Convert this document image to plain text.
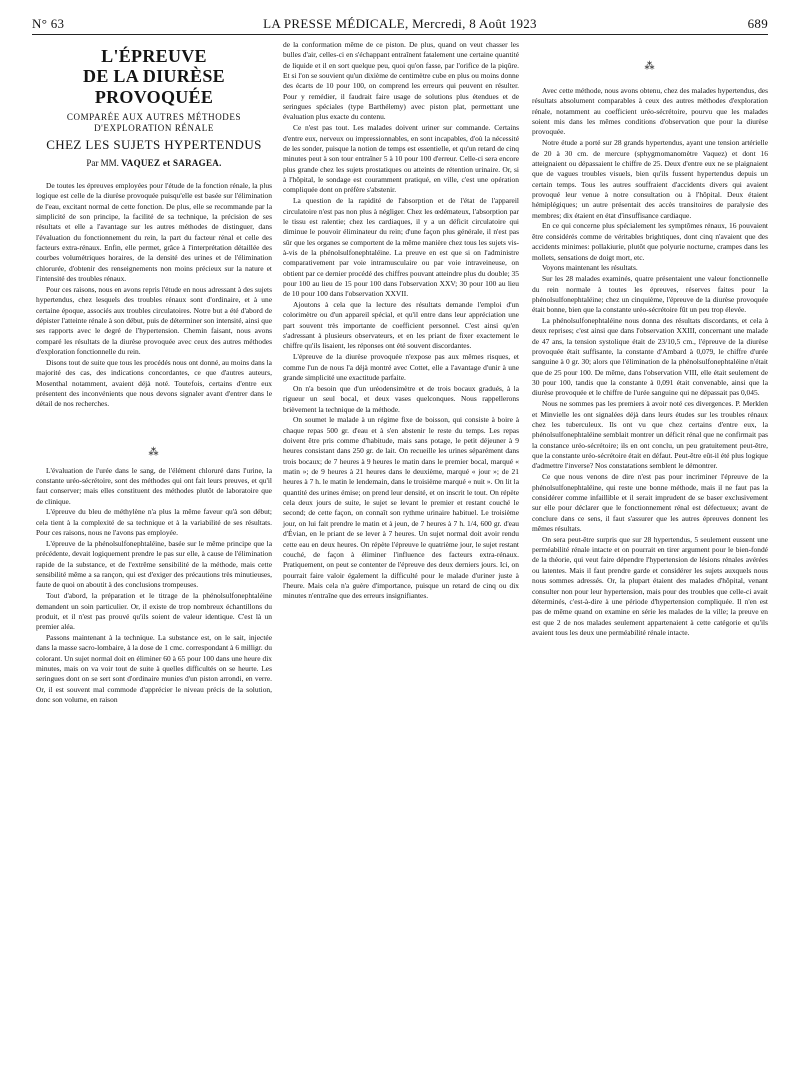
N° 63	LA PRESSE MÉDICALE, Mercredi, 8 Août 1923	689
L'ÉPREUVE
DE LA DIURÈSE PROVOQUÉE
COMPARÉE AUX AUTRES MÉTHODES D'EXPLORATION RÉNALE
CHEZ LES SUJETS HYPERTENDUS
Par MM. VAQUEZ et SARAGEA.

De toutes les épreuves employées pour l'étude de la fonction rénale, la plus logique est celle de la diurèse provoquée puisqu'elle est basée sur l'élimination de l'eau, excitant normal de cette fonction. De plus, elle se recommande par la simplicité de son principe, la facilité de sa technique, la précision de ses résultats et elle a l'avantage sur les autres méthodes de distinguer, dans l'évaluation du fonctionnement du rein, la part du facteur rénal et celle des facteurs extra-rénaux. Enfin, elle permet, grâce à l'interprétation détaillée des courbes volumétriques horaires, de la densité des urines et de l'élimination chlorurée, d'obtenir des renseignements non moins précieux sur la nature et l'intensité des troubles rénaux.

Pour ces raisons, nous en avons repris l'étude en nous adressant à des sujets hypertendus, chez lesquels des troubles rénaux sont d'ordinaire, et à une certaine époque, associés aux troubles circulatoires. Notre but a été d'abord de dépister l'atteinte rénale à son début, puis de déterminer son intensité, ainsi que ses rapports avec le degré de l'hypertension. Chemin faisant, nous avons comparé les résultats de la diurèse provoquée avec ceux des autres méthodes d'exploration fonctionnelle du rein.

Disons tout de suite que tous les procédés nous ont donné, au moins dans la majorité des cas, des indications concordantes, ce que d'autres auteurs, Mosenthal notamment, avaient déjà noté. Toutefois, certains d'entre eux présentent des inconvénients que nous devons signaler avant d'entrer dans le détail de nos recherches.

⁂

L'évaluation de l'urée dans le sang, de l'élément chloruré dans l'urine, la constante uréo-sécrétoire, sont des méthodes qui ont fait leurs preuves, et qu'il faut conserver; mais elles constituent des méthodes plutôt de laboratoire que de clinique.

L'épreuve du bleu de méthylène n'a plus la même faveur qu'à son début; cela tient à la complexité de sa technique et à la variabilité de ses résultats. Pour ces raisons, nous ne l'avons pas employée.

L'épreuve de la phénolsulfonephtaléine, basée sur le même principe que la précédente, devait logiquement prendre le pas sur elle, à cause de l'élimination rapide de la substance, et de l'extrême sensibilité de la méthode, mais cette sensibilité même a sa rançon, qui est d'exiger des précautions très minutieuses, faute de quoi on aboutit à des conclusions trompeuses.

Tout d'abord, la préparation et le titrage de la phénolsulfonephtaléine demandent un soin particulier. Or, il existe de trop nombreux échantillons du produit, et il n'est pas prouvé qu'ils soient de valeur identique. C'est là un premier aléa.

Passons maintenant à la technique. La substance est, on le sait, injectée dans la masse sacro-lombaire, à la dose de 1 cmc. correspondant à 6 milligr. du colorant. Un sujet normal doit en éliminer 60 à 65 pour 100 dans une heure dix minutes, mais on va voir tout de suite à quelles difficultés on se heurte. Les seringues dont on se sert sont d'ordinaire munies d'un piston arrondi, en verre. Or, il est souvent mal commode d'apprécier le niveau précis de la solution, donc son volume, en raison

de la conformation même de ce piston. De plus, quand on veut chasser les bulles d'air, celles-ci en s'échappant entraînent fatalement une certaine quantité de liquide et il en sort quelque peu, quoi qu'on fasse, par l'orifice de la piqûre. Et si l'on se souvient qu'un dixième de centimètre cube en plus ou moins donne des écarts de 10 pour 100, on comprend les erreurs qui peuvent en résulter. Pour y remédier, il faudrait faire usage de solutions plus étendues et de seringues spéciales (type Barthélemy) avec piston plat, permettant une évaluation plus exacte du contenu.

Ce n'est pas tout. Les malades doivent uriner sur commande. Certains d'entre eux, nerveux ou impressionnables, en sont incapables, d'où la nécessité de les sonder, puisque la notion de temps est essentielle, et qu'un retard de cinq minutes peut à son tour entraîner 5 à 10 pour 100 d'erreur. Celle-ci sera encore plus grande chez les sujets prostatiques ou atteints de rétention urinaire. Or, si à l'hôpital, le sondage est couramment pratiqué, en ville, c'est une opération compliquée dont on préfère s'abstenir.

La question de la rapidité de l'absorption et de l'état de l'appareil circulatoire n'est pas non plus à négliger. Chez les œdémateux, l'absorption par le tissu est ralentie; chez les cardiaques, il y a un déficit circulatoire qui diminue le pouvoir éliminateur du rein; d'une façon plus générale, il n'est pas sûr que les organes se comportent de la même manière chez tous les sujets vis-à-vis de la phénolsulfonephtaléine. La preuve en est que si on l'administre comparativement par voie intramusculaire ou par voie intraveineuse, on obtient par ce dernier procédé des chiffres pouvant atteindre plus du double; 35 pour 100 au lieu de 15 pour 100 dans l'observation XXV; 30 pour 100 au lieu de 10 pour 100 dans l'observation XXVII.

Ajoutons à cela que la lecture des résultats demande l'emploi d'un colorimètre ou d'un appareil spécial, et qu'il entre dans leur appréciation une part souvent très importante de coefficient personnel. C'est ainsi qu'en s'adressant à plusieurs observateurs, et en les priant de fixer exactement le chiffre qu'ils lisaient, les réponses ont été souvent discordantes.

L'épreuve de la diurèse provoquée n'expose pas aux mêmes risques, et comme l'un de nous l'a déjà montré avec Cottet, elle a l'avantage d'unir à une grande simplicité une exactitude parfaite.

On n'a besoin que d'un uréodensimètre et de trois bocaux gradués, à la rigueur un seul bocal, et deux vases quelconques. Nous rappellerons brièvement la technique de la méthode.

On soumet le malade à un régime fixe de boisson, qui consiste à boire à chaque repas 500 gr. d'eau et à s'en abstenir le reste du temps. Les repas doivent être pris comme d'habitude, mais sans potage, le petit déjeuner à 9 heures consistant dans 250 gr. de lait. On recueille les urines séparément dans trois bocaux; de 7 heures à 9 heures le matin dans le premier bocal, marqué « matin »; de 9 heures à 21 heures dans le deuxième, marqué « jour »; de 21 heures à 7 h. le matin le lendemain, dans le troisième marqué « nuit ». On lit la quantité des urines émise; on prend leur densité, et on inscrit le tout. On répète cela deux jours de suite, le sujet se levant le premier et restant couché le second; de cette façon, on connaît son rythme urinaire habituel. Le troisième jour, on lui fait prendre le matin et à jeun, de 7 heures à 7 h. 1/4, 600 gr. d'eau d'Évian, en le priant de se lever à 7 heures. Un sujet normal doit avoir rendu cette eau en deux heures. On répète l'épreuve le quatrième jour, le sujet restant couché, de façon à éliminer l'influence des facteurs extra-rénaux. Pratiquement, on peut se contenter de l'épreuve des deux derniers jours. Ici, on pourrait faire valoir également la difficulté pour le malade d'uriner juste à l'heure. Mais cela n'a guère d'importance, puisque un retard de cinq ou dix minutes n'entraîne que des erreurs insignifiantes.

⁂

Avec cette méthode, nous avons obtenu, chez des malades hypertendus, des résultats absolument comparables à ceux des autres méthodes d'exploration rénale, notamment au coefficient uréo-sécrétoire, pourvu que les malades soient mis dans les mêmes conditions d'observation que pour la diurèse provoquée.

Notre étude a porté sur 28 grands hypertendus, ayant une tension artérielle de 20 à 30 cm. de mercure (sphygmomanomètre Vaquez) et dont 16 atteignaient ou dépassaient le chiffre de 25. Deux d'entre eux ne se plaignaient que de vagues troubles visuels, bien qu'ils fussent hypertendus depuis un certain temps. Tous les autres souffraient d'accidents divers qui avaient provoqué leur venue à notre consultation ou à l'hôpital. Deux étaient hémiplégiques; un autre présentait des accès transitoires de paralysie des membres; dix étaient en état d'insuffisance cardiaque.

En ce qui concerne plus spécialement les symptômes rénaux, 16 pouvaient être considérés comme de véritables brightiques, dont cinq n'avaient que des accidents minimes: pollakiurie, plutôt que polyurie nocturne, crampes dans les mollets, sensations de doigt mort, etc.

Voyons maintenant les résultats.

Sur les 28 malades examinés, quatre présentaient une valeur fonctionnelle du rein normale à toutes les épreuves, réserves faites pour la phénolsulfonephtaléine; chez un cinquième, l'épreuve de la diurèse provoquée était bonne, bien que la constante uréo-sécrétoire fût un peu trop élevée.

La phénolsulfonephtaléine nous donna des résultats discordants, et cela à deux reprises; c'est ainsi que dans l'observation XXIII, concernant une malade de 47 ans, la tension systolique était de 23/10,5 cm., l'épreuve de la diurèse provoquée était suffisante, la constante d'Ambard à 0,079, le chiffre d'urée sanguine à 0 gr. 30; alors que l'élimination de la phénolsulfonephtaléine n'était que de 25 pour 100. De même, dans l'observation VIII, elle était seulement de 30 pour 100, tandis que la constante à 0,091 était convenable, ainsi que la diurèse provoquée et le chiffre de l'urée sanguine qui ne dépassait pas 0,045.

Nous ne sommes pas les premiers à avoir noté ces divergences. P. Merklen et Minvielle les ont signalées déjà dans leurs études sur les troubles rénaux chez les tuberculeux. Ils ont vu que chez certains d'entre eux, la phénolsulfonephtaléine semblait montrer un déficit rénal que ne confirmait pas la constance uréo-sécrétoire; ils en ont conclu, un peu gratuitement peut-être, que la constante uréo-sécrétoire était en défaut. Peut-être eût-il été plus logique d'admettre l'inverse? Nos constatations semblent le démontrer.

Ce que nous venons de dire n'est pas pour incriminer l'épreuve de la phénolsulfonephtaléine, qui reste une bonne méthode, mais il ne faut pas la considérer comme infaillible et il serait imprudent de se baser exclusivement sur elle pour déclarer que le fonctionnement rénal est défectueux; avant de conclure dans ce sens, il faut s'assurer que les autres épreuves donnent les mêmes résultats.

On sera peut-être surpris que sur 28 hypertendus, 5 seulement eussent une perméabilité rénale intacte et on pourrait en tirer argument pour le bien-fondé de la théorie, qui veut faire dépendre l'hypertension de lésions rénales avérées ou latentes. Mais il faut prendre garde et considérer les sujets auxquels nous nous sommes adressés. Or, la plupart étaient des malades d'hôpital, venant consulter non pour leur hypertension, mais pour des troubles que celle-ci avait déterminés, c'est-à-dire à une période d'hypertension compliquée. Il n'en est pas de même quand on examine en série les malades de la ville; la preuve en est que 2 de nos malades seulement appartenaient à cette catégorie et qu'ils avaient tous les deux une perméabilité rénale intacte.
